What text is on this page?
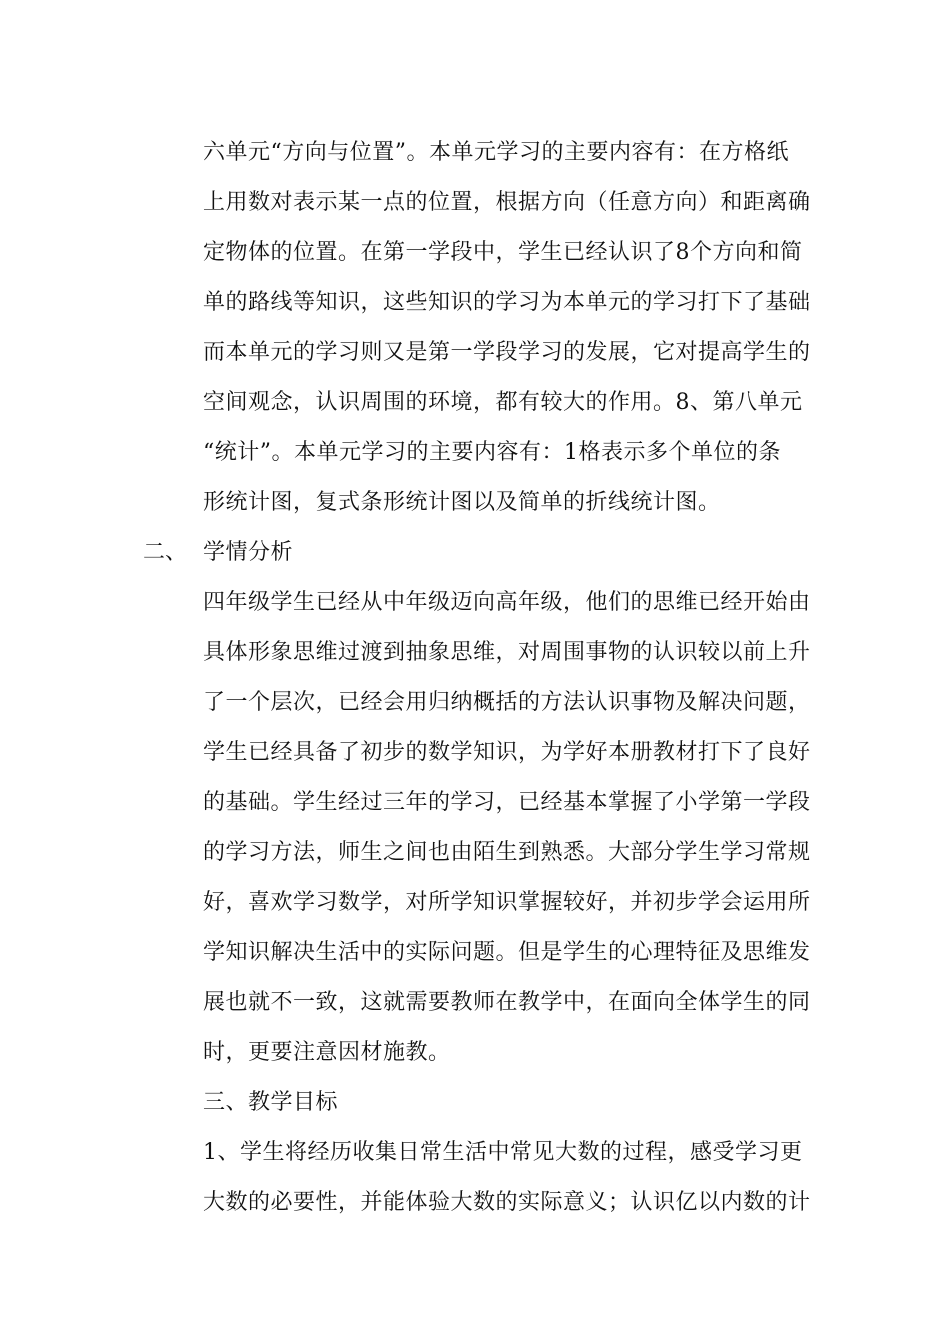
六单元“方向与位置”。本单元学习的主要内容有：在方格纸
上用数对表示某一点的位置，根据方向（任意方向）和距离确
定物体的位置。在第一学段中，学生已经认识了8个方向和简
单的路线等知识，这些知识的学习为本单元的学习打下了基础
而本单元的学习则又是第一学段学习的发展，它对提高学生的
空间观念，认识周围的环境，都有较大的作用。8、第八单元
“统计”。本单元学习的主要内容有：1格表示多个单位的条
形统计图，复式条形统计图以及简单的折线统计图。
二、 学情分析
四年级学生已经从中年级迈向高年级，他们的思维已经开始由
具体形象思维过渡到抽象思维，对周围事物的认识较以前上升
了一个层次，已经会用归纳概括的方法认识事物及解决问题，
学生已经具备了初步的数学知识，为学好本册教材打下了良好
的基础。学生经过三年的学习，已经基本掌握了小学第一学段
的学习方法，师生之间也由陌生到熟悉。大部分学生学习常规
好，喜欢学习数学，对所学知识掌握较好，并初步学会运用所
学知识解决生活中的实际问题。但是学生的心理特征及思维发
展也就不一致，这就需要教师在教学中，在面向全体学生的同
时，更要注意因材施教。
三、教学目标
1、学生将经历收集日常生活中常见大数的过程，感受学习更
大数的必要性，并能体验大数的实际意义；认识亿以内数的计
